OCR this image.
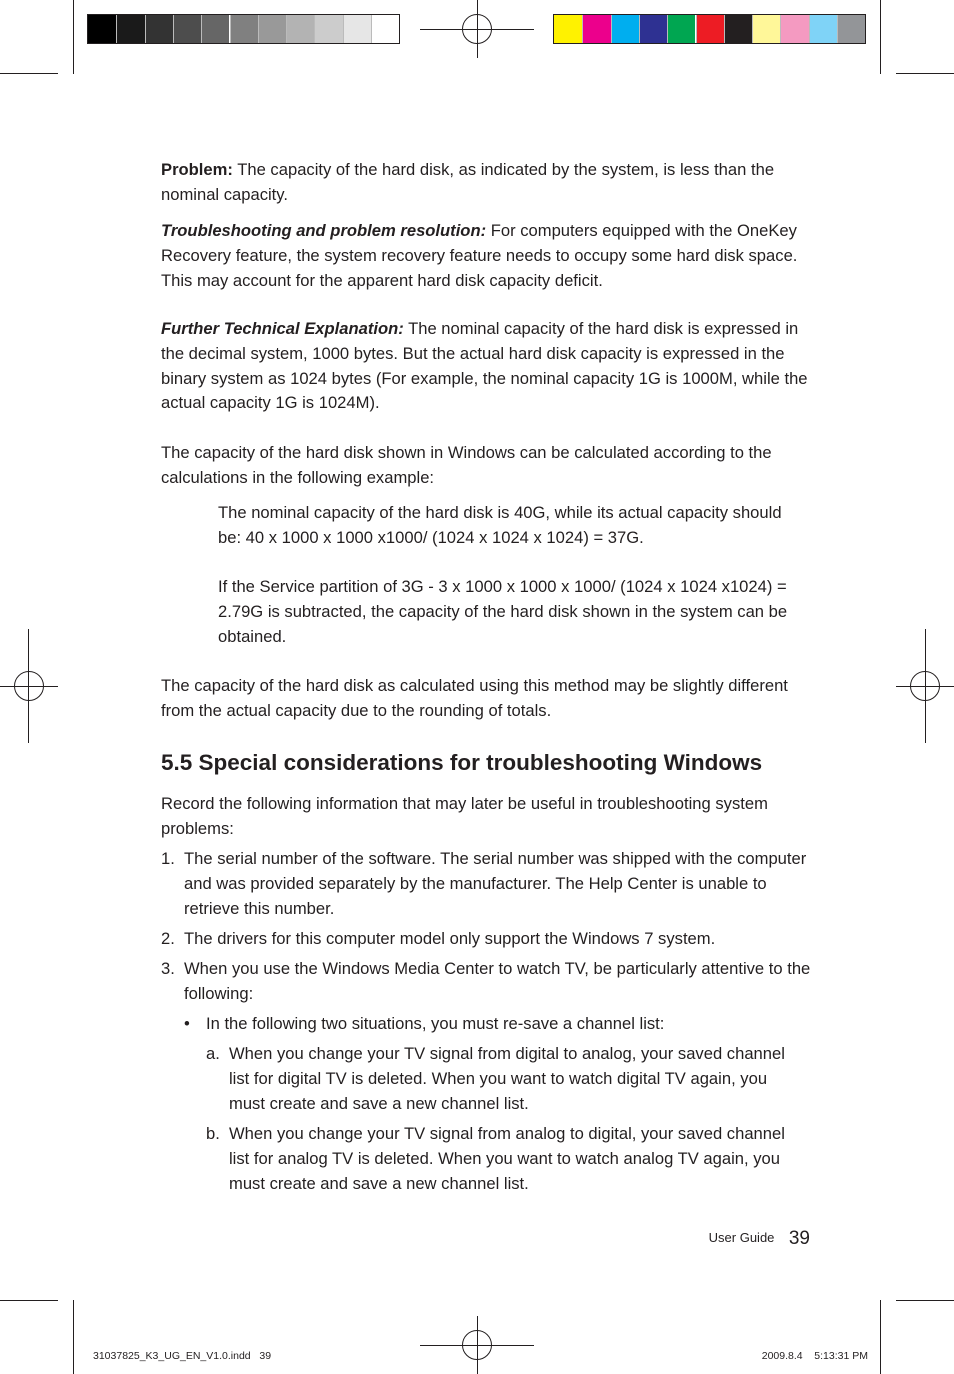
Problem: The capacity of the hard disk, as indicated by the system, is less than the nominal capacity.

Troubleshooting and problem resolution: For computers equipped with the OneKey Recovery feature, the system recovery feature needs to occupy some hard disk space. This may account for the apparent hard disk capacity deficit.

Further Technical Explanation: The nominal capacity of the hard disk is expressed in the decimal system, 1000 bytes. But the actual hard disk capacity is expressed in the binary system as 1024 bytes (For example, the nominal capacity 1G is 1000M, while the actual capacity 1G is 1024M).

The capacity of the hard disk shown in Windows can be calculated according to the calculations in the following example:

The nominal capacity of the hard disk is 40G, while its actual capacity should be: 40 x 1000 x 1000 x1000/ (1024 x 1024 x 1024) = 37G.

If the Service partition of 3G - 3 x 1000 x 1000 x 1000/ (1024 x 1024 x1024) = 2.79G is subtracted, the capacity of the hard disk shown in the system can be obtained.

The capacity of the hard disk as calculated using this method may be slightly different from the actual capacity due to the rounding of totals.

5.5 Special considerations for troubleshooting Windows

Record the following information that may later be useful in troubleshooting system problems:

1. The serial number of the software. The serial number was shipped with the computer and was provided separately by the manufacturer. The Help Center is unable to retrieve this number.
2. The drivers for this computer model only support the Windows 7 system.
3. When you use the Windows Media Center to watch TV, be particularly attentive to the following:
• In the following two situations, you must re-save a channel list:
a. When you change your TV signal from digital to analog, your saved channel list for digital TV is deleted. When you want to watch digital TV again, you must create and save a new channel list.
b. When you change your TV signal from analog to digital, your saved channel list for analog TV is deleted. When you want to watch analog TV again, you must create and save a new channel list.
User Guide 39
31037825_K3_UG_EN_V1.0.indd   39	2009.8.4    5:13:31 PM
